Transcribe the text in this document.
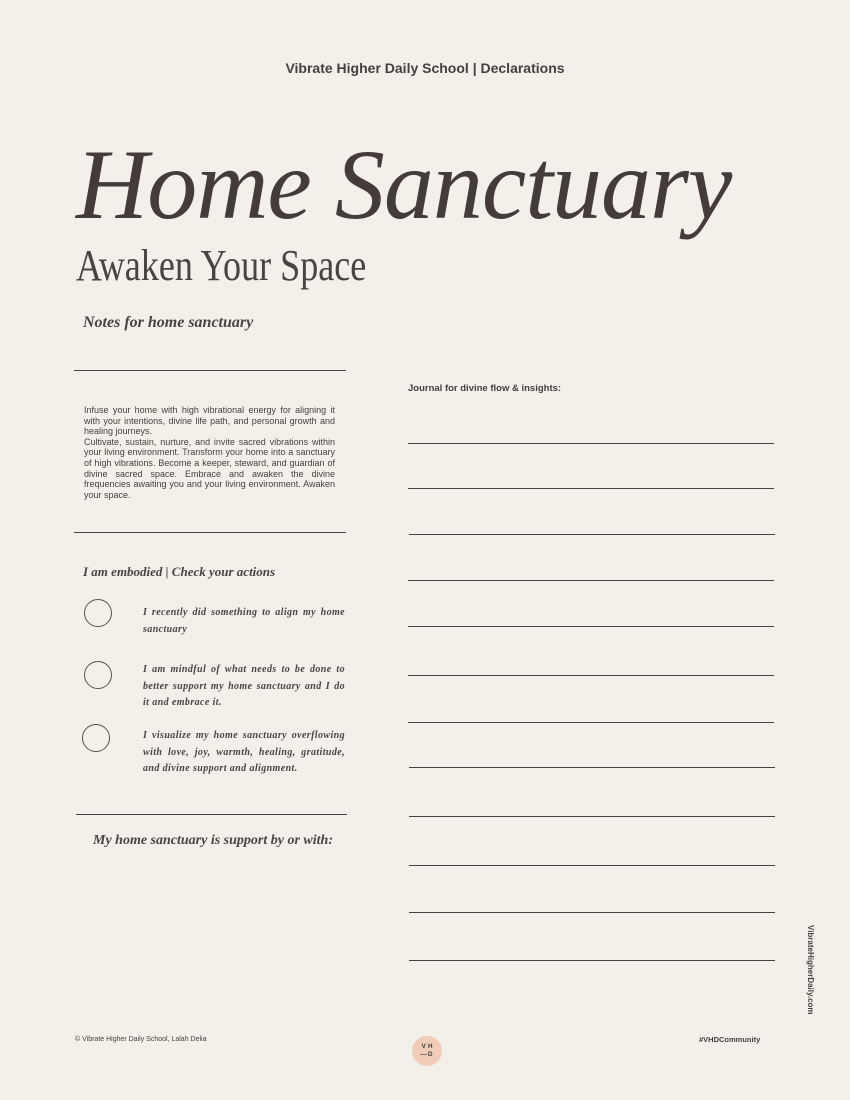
Vibrate Higher Daily School | Declarations
Home Sanctuary
Awaken Your Space
Notes for home sanctuary

Infuse your home with high vibrational energy for aligning it with your intentions, divine life path, and personal growth and healing journeys.

Cultivate, sustain, nurture, and invite sacred vibrations within your living environment. Transform your home into a sanctuary of high vibrations. Become a keeper, steward, and guardian of divine sacred space. Embrace and awaken the divine frequencies awaiting you and your living environment. Awaken your space.

I am embodied | Check your actions
I recently did something to align my home sanctuary
I am mindful of what needs to be done to better support my home sanctuary and I do it and embrace it.
I visualize my home sanctuary overflowing with love, joy, warmth, healing, gratitude, and divine support and alignment.
My home sanctuary is support by or with:
Journal for divine flow & insights:
© Vibrate Higher Daily School, Lalah Delia
VH
—D
#VHDCommunity
VibrateHigherDaily.com
